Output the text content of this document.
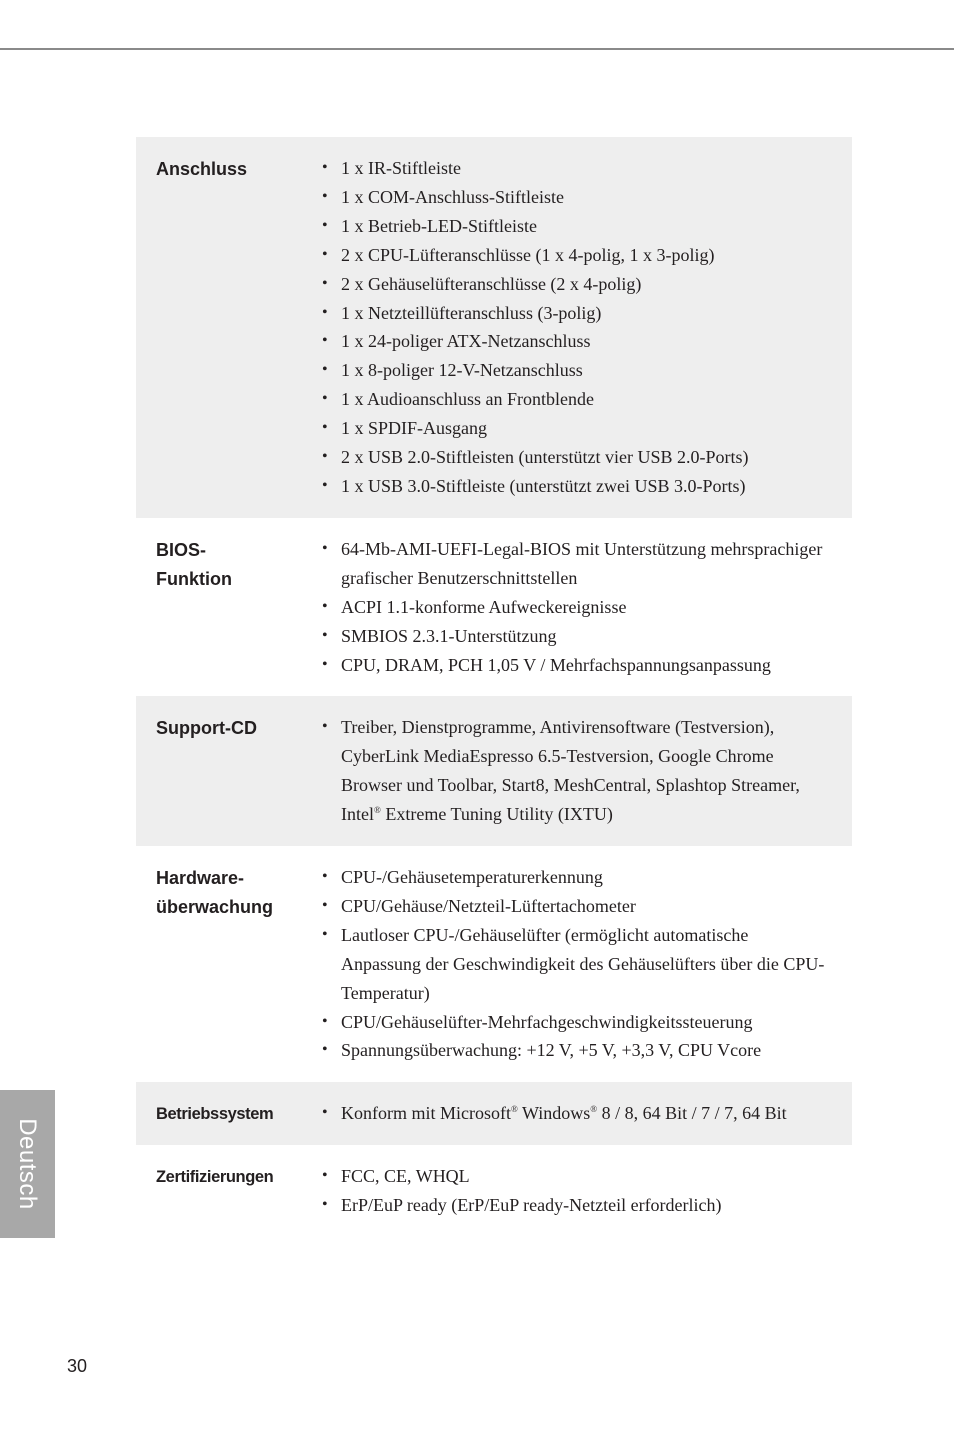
Anschluss	• 1 x IR-Stiftleiste
• 1 x COM-Anschluss-Stiftleiste
• 1 x Betrieb-LED-Stiftleiste
• 2 x CPU-Lüfteranschlüsse (1 x 4-polig, 1 x 3-polig)
• 2 x Gehäuselüfteranschlüsse (2 x 4-polig)
• 1 x Netzteillüfteranschluss (3-polig)
• 1 x 24-poliger ATX-Netzanschluss
• 1 x 8-poliger 12-V-Netzanschluss
• 1 x Audioanschluss an Frontblende
• 1 x SPDIF-Ausgang
• 2 x USB 2.0-Stiftleisten (unterstützt vier USB 2.0-Ports)
• 1 x USB 3.0-Stiftleiste (unterstützt zwei USB 3.0-Ports)
BIOS-
Funktion
• 64-Mb-AMI-UEFI-Legal-BIOS mit Unterstützung mehrsprachiger grafischer Benutzerschnittstellen
• ACPI 1.1-konforme Aufweckereignisse
• SMBIOS 2.3.1-Unterstützung
• CPU, DRAM, PCH 1,05 V / Mehrfachspannungsanpassung
Support-CD	• Treiber, Dienstprogramme, Antivirensoftware (Testversion), CyberLink MediaEspresso 6.5-Testversion, Google Chrome Browser und Toolbar, Start8, MeshCentral, Splashtop Streamer, Intel® Extreme Tuning Utility (IXTU)
Hardware-
überwachung
• CPU-/Gehäusetemperaturerkennung
• CPU/Gehäuse/Netzteil-Lüftertachometer
• Lautloser CPU-/Gehäuselüfter (ermöglicht automatische Anpassung der Geschwindigkeit des Gehäuselüfters über die CPU-Temperatur)
• CPU/Gehäuselüfter-Mehrfachgeschwindigkeitssteuerung
• Spannungsüberwachung: +12 V, +5 V, +3,3 V, CPU Vcore
Betriebssystem	• Konform mit Microsoft® Windows® 8 / 8, 64 Bit / 7 / 7, 64 Bit
Zertifizierungen	• FCC, CE, WHQL
• ErP/EuP ready (ErP/EuP ready-Netzteil erforderlich)
Deutsch
30
